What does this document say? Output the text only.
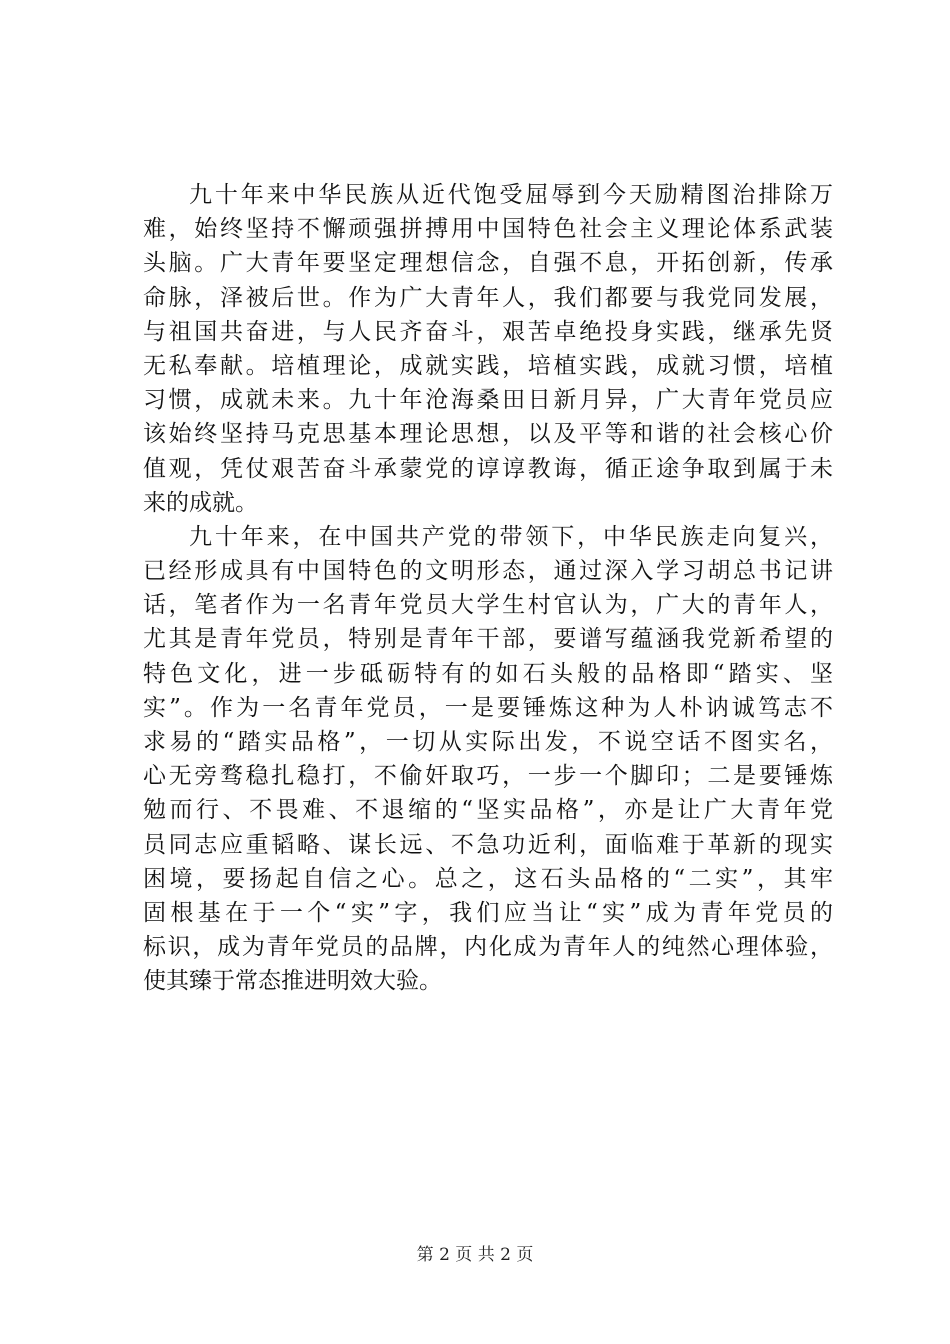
九十年来中华民族从近代饱受屈辱到今天励精图治排除万
难，始终坚持不懈顽强拼搏用中国特色社会主义理论体系武装
头脑。广大青年要坚定理想信念，自强不息，开拓创新，传承
命脉，泽被后世。作为广大青年人，我们都要与我党同发展，
与祖国共奋进，与人民齐奋斗，艰苦卓绝投身实践，继承先贤
无私奉献。培植理论，成就实践，培植实践，成就习惯，培植
习惯，成就未来。九十年沧海桑田日新月异，广大青年党员应
该始终坚持马克思基本理论思想，以及平等和谐的社会核心价
值观，凭仗艰苦奋斗承蒙党的谆谆教诲，循正途争取到属于未
来的成就。
九十年来，在中国共产党的带领下，中华民族走向复兴，
已经形成具有中国特色的文明形态，通过深入学习胡总书记讲
话，笔者作为一名青年党员大学生村官认为，广大的青年人，
尤其是青年党员，特别是青年干部，要谱写蕴涵我党新希望的
特色文化，进一步砥砺特有的如石头般的品格即“踏实、坚
实”。作为一名青年党员，一是要锤炼这种为人朴讷诚笃志不
求易的“踏实品格”，一切从实际出发，不说空话不图实名，
心无旁骛稳扎稳打，不偷奸取巧，一步一个脚印；二是要锤炼
勉而行、不畏难、不退缩的“坚实品格”，亦是让广大青年党
员同志应重韬略、谋长远、不急功近利，面临难于革新的现实
困境，要扬起自信之心。总之，这石头品格的“二实”，其牢
固根基在于一个“实”字，我们应当让“实”成为青年党员的
标识，成为青年党员的品牌，内化成为青年人的纯然心理体验，
使其臻于常态推进明效大验。
第 2 页 共 2 页
